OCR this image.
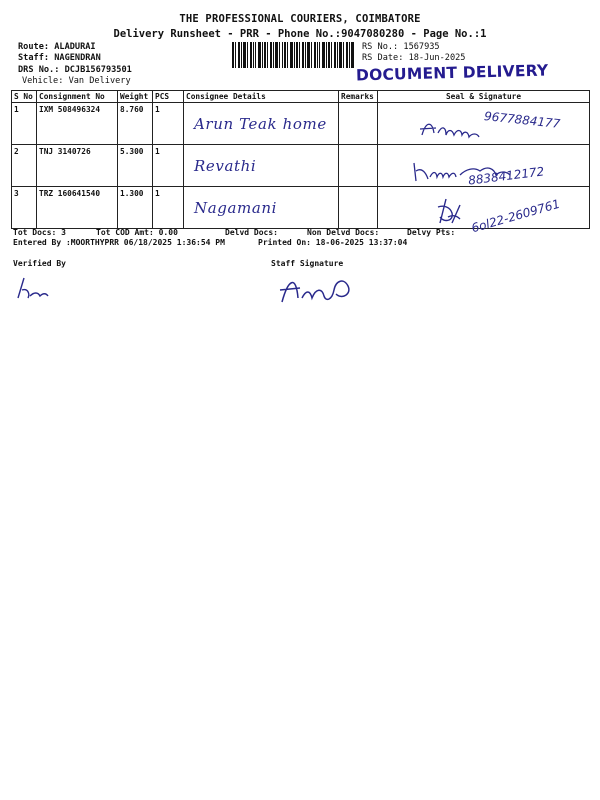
THE PROFESSIONAL COURIERS, COIMBATORE
Delivery Runsheet - PRR - Phone No.:9047080280 - Page No.:1
Route: ALADURAI
Staff: NAGENDRAN
DRS No.: DCJB156793501
Vehicle: Van Delivery
RS No.: 1567935
RS Date: 18-Jun-2025
DOCUMENT DELIVERY
S No	Consignment No	Weight	PCS	Consignee Details	Remarks	Seal & Signature
1	IXM 508496324	8.760	1	Arun Teak home		9677884177

2	TNJ 3140726	5.300	1	Revathi		8838412172

3	TRZ 160641540	1.300	1	Nagamani		6ol22-2609761
Tot Docs: 3	Tot COD Amt: 0.00	Delvd Docs:	Non Delvd Docs:	Delvy Pts:
Entered By :MOORTHYPRR 06/18/2025 1:36:54 PM	Printed On: 18-06-2025 13:37:04
Verified By	Staff Signature
